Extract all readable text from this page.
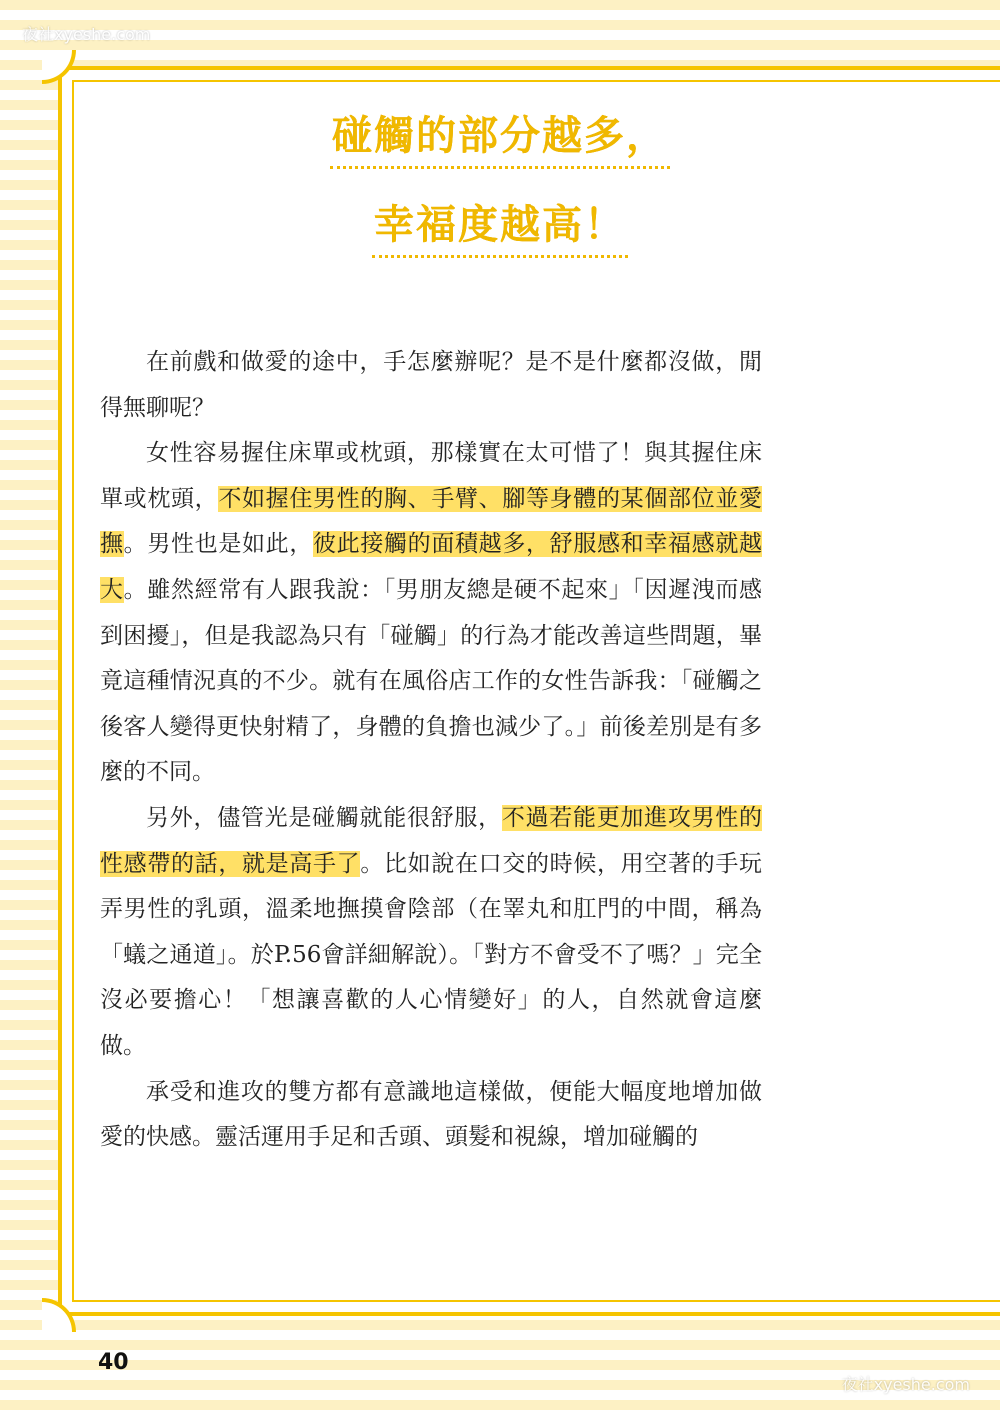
夜社xyeshe.com
碰觸的部分越多，
幸福度越高！

在前戲和做愛的途中，手怎麼辦呢？是不是什麼都沒做，閒得無聊呢？

女性容易握住床單或枕頭，那樣實在太可惜了！與其握住床單或枕頭，不如握住男性的胸、手臂、腳等身體的某個部位並愛撫。男性也是如此，彼此接觸的面積越多，舒服感和幸福感就越大。雖然經常有人跟我說：「男朋友總是硬不起來」「因遲洩而感到困擾」，但是我認為只有「碰觸」的行為才能改善這些問題，畢竟這種情況真的不少。就有在風俗店工作的女性告訴我：「碰觸之後客人變得更快射精了，身體的負擔也減少了。」前後差別是有多麼的不同。

另外，儘管光是碰觸就能很舒服，不過若能更加進攻男性的性感帶的話，就是高手了。比如說在口交的時候，用空著的手玩弄男性的乳頭，溫柔地撫摸會陰部（在睪丸和肛門的中間，稱為「蟻之通道」。於P.56會詳細解說）。「對方不會受不了嗎？」完全沒必要擔心！「想讓喜歡的人心情變好」的人，自然就會這麼做。

承受和進攻的雙方都有意識地這樣做，便能大幅度地增加做愛的快感。靈活運用手足和舌頭、頭髮和視線，增加碰觸的

40
夜社xyeshe.com
